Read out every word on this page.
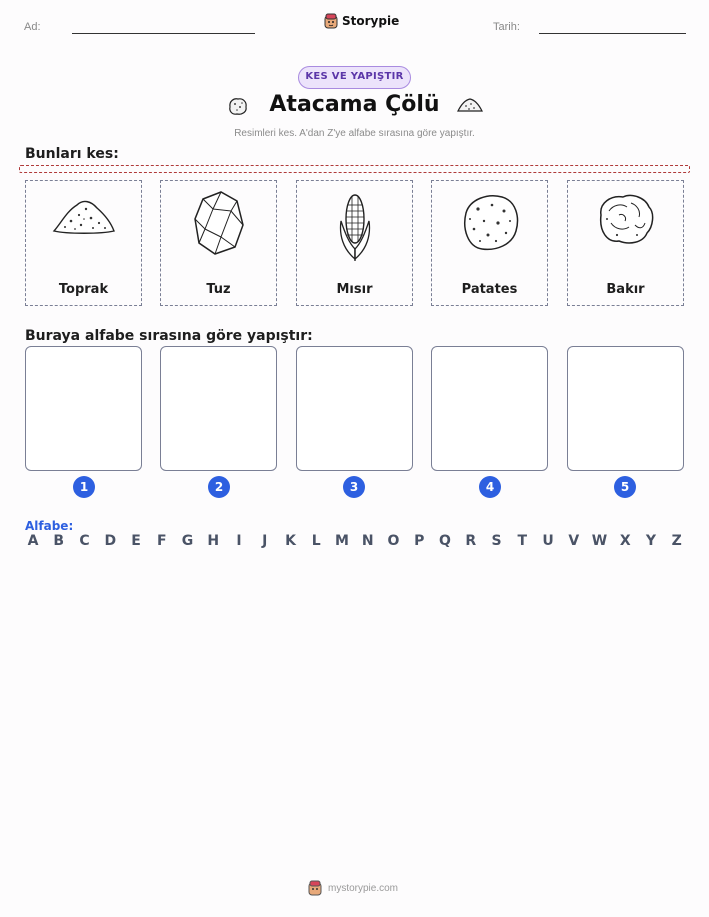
Ad:	Storypie	Tarih:
KES VE YAPIŞTIR
Atacama Çölü
Resimleri kes. A'dan Z'ye alfabe sırasına göre yapıştır.
Bunları kes:
Toprak	Tuz	Mısır	Patates	Bakır
Buraya alfabe sırasına göre yapıştır:
1	2	3	4	5
Alfabe:
A B C D	E	F	G H	I	J	K	L	M N O P Q R S	T	U V W X Y Z
mystorypie.com
